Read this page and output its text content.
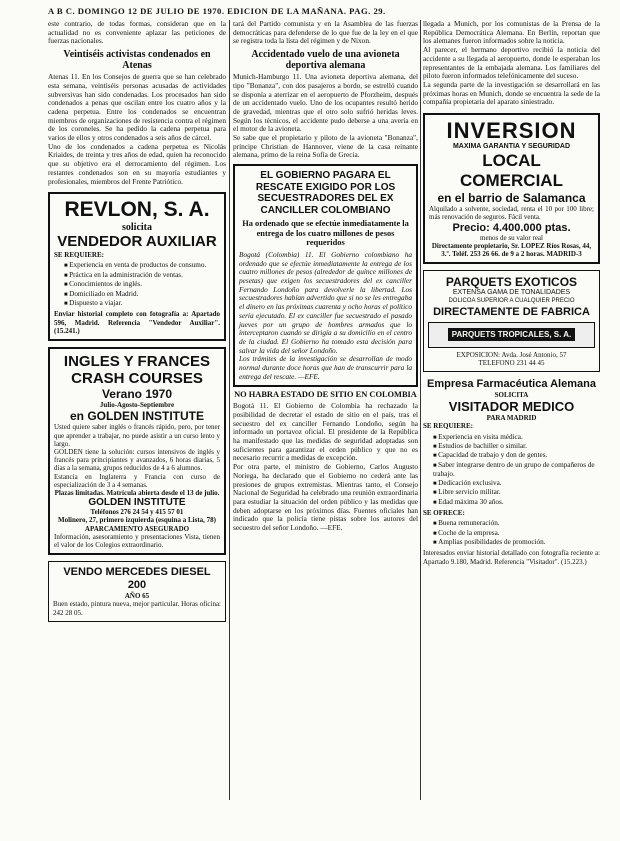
A B C. DOMINGO 12 DE JULIO DE 1970. EDICION DE LA MAÑANA. PAG. 29.

este contrario, de todas formas, consideran que en la actualidad no es conveniente aplazar las peticiones de fuerzas nacionales.

Veintiséis activistas condenados en Atenas

Atenas 11. En los Consejos de guerra que se han celebrado esta semana, veintiséis personas acusadas de actividades subversivas han sido condenadas. Los procesados han sido condenados a penas que oscilan entre los cuatro años y la cadena perpetua. Entre los condenados se encuentran miembros de organizaciones de resistencia contra el régimen de los coroneles. Se ha pedido la cadena perpetua para varios de ellos y otros condenados a seis años de cárcel.

Uno de los condenados a cadena perpetua es Nicolás Kriaides, de treinta y tres años de edad, quien ha reconocido que su objetivo era el derrocamiento del régimen. Los restantes condenados son en su mayoría estudiantes y profesionales, miembros del Frente Patriótico.

REVLON, S. A.
solicita
VENDEDOR AUXILIAR
SE REQUIERE:
■ Experiencia en venta de productos de consumo.
■ Práctica en la administración de ventas.
■ Conocimientos de inglés.
■ Domiciliado en Madrid.
■ Dispuesto a viajar.

Enviar historial completo con fotografía a: Apartado 596, Madrid. Referencia "Vendedor Auxiliar". (15.241.)

INGLES Y FRANCES
CRASH COURSES
Verano 1970
Julio-Agosto-Septiembre
en GOLDEN INSTITUTE

Usted quiere saber inglés o francés rápido, pero, por tener que aprender a trabajar, no puede asistir a un curso lento y largo.

GOLDEN tiene la solución: cursos intensivos de inglés y francés para principiantes y avanzados, 6 horas diarias, 5 días a la semana, grupos reducidos de 4 a 6 alumnos.

Estancia en Inglaterra y Francia con curso de especialización de 3 a 4 semanas.

Plazas limitadas. Matrícula abierta desde el 13 de julio.

GOLDEN INSTITUTE
Teléfonos 276 24 54 y 415 57 01
Molinero, 27, primero izquierda (esquina a Lista, 78)
APARCAMIENTO ASEGURADO

Información, asesoramiento y presentaciones Vista, tienen el valor de los Colegios extraordinario.

VENDO MERCEDES DIESEL 200
AÑO 65

Buen estado, pintura nueva, mejor particular. Horas oficina: 242 28 05.

tará del Partido comunista y en la Asamblea de las fuerzas democráticas para defenderse de lo que fue de la ley en el que se registra toda la lista del régimen y de Nixon.

Accidentado vuelo de una avioneta deportiva alemana

Munich-Hamburgo 11. Una avioneta deportiva alemana, del tipo "Bonanza", con dos pasajeros a bordo, se estrelló cuando se disponía a aterrizar en el aeropuerto de Pforzheim, después de un accidentado vuelo. Uno de los ocupantes resultó herido de gravedad, mientras que el otro solo sufrió heridas leves. Según los técnicos, el accidente pudo deberse a una avería en el motor de la avioneta.

Se sabe que el propietario y piloto de la avioneta "Bonanza", príncipe Christian de Hannover, viene de la casa reinante alemana, primo de la reina Sofía de Grecia.

EL GOBIERNO PAGARA EL RESCATE EXIGIDO POR LOS SECUESTRADORES DEL EX CANCILLER COLOMBIANO
Ha ordenado que se efectúe inmediatamente la entrega de los cuatro millones de pesos requeridos

Bogotá (Colombia) 11. El Gobierno colombiano ha ordenado que se efectúe inmediatamente la entrega de los cuatro millones de pesos (alrededor de quince millones de pesetas) que exigen los secuestradores del ex canciller Fernando Londoño para devolverle la libertad. Los secuestradores habían advertido que si no se les entregaba el dinero en las próximas cuarenta y ocho horas el político sería ejecutado. El ex canciller fue secuestrado el pasado jueves por un grupo de hombres armados que lo interceptaron cuando se dirigía a su domicilio en el centro de la ciudad. El Gobierno ha tomado esta decisión para salvar la vida del señor Londoño.

Los trámites de la investigación se desarrollan de modo normal durante doce horas que han de transcurrir para la entrega del rescate. —EFE.

NO HABRA ESTADO DE SITIO EN COLOMBIA

Bogotá 11. El Gobierno de Colombia ha rechazado la posibilidad de decretar el estado de sitio en el país, tras el secuestro del ex canciller Fernando Londoño, según ha informado un portavoz oficial. El presidente de la República ha manifestado que las medidas de seguridad adoptadas son suficientes para garantizar el orden público y que no es necesario recurrir a medidas de excepción.

Por otra parte, el ministro de Gobierno, Carlos Augusto Noriega, ha declarado que el Gobierno no cederá ante las presiones de grupos extremistas. Mientras tanto, el Consejo Nacional de Seguridad ha celebrado una reunión extraordinaria para estudiar la situación del orden público y las medidas que deben adoptarse en los próximos días. Fuentes oficiales han indicado que la policía tiene pistas sobre los autores del secuestro del señor Londoño. —EFE.

llegada a Munich, por los comunistas de la Prensa de la República Democrática Alemana. En Berlín, reportan que los alemanes fueron informados sobre la noticia.

Al parecer, el hermano deportivo recibió la noticia del accidente a su llegada al aeropuerto, donde le esperaban los representantes de la embajada alemana. Los familiares del piloto fueron informados telefónicamente del suceso.

La segunda parte de la investigación se desarrollará en las próximas horas en Munich, donde se encuentra la sede de la compañía propietaria del aparato siniestrado.

INVERSION
MAXIMA GARANTIA Y SEGURIDAD
LOCAL COMERCIAL
en el barrio de Salamanca

Alquilado a solvente, sociedad, renta el 10 por 100 libre; más renovación de seguros. Fácil venta.

Precio: 4.400.000 ptas.
menos de su valor real

Directamente propietario, Sr. LOPEZ Ríos Rosas, 44, 3.º. Teléf. 253 26 66. de 9 a 2 horas. MADRID-3

PARQUETS EXOTICOS
EXTENSA GAMA DE TONALIDADES
DOLICOA SUPERIOR A CUALQUIER PRECIO
DIRECTAMENTE DE FABRICA
PARQUETS TROPICALES, S. A.
EXPOSICION: Avda. José Antonio, 57
TELEFONO 231 44 45
Empresa Farmacéutica Alemana
SOLICITA
VISITADOR MEDICO
PARA MADRID
SE REQUIERE:
■ Experiencia en visita médica.
■ Estudios de bachiller o similar.
■ Capacidad de trabajo y don de gentes.
■ Saber integrarse dentro de un grupo de compañeros de trabajo.
■ Dedicación exclusiva.
■ Libre servicio militar.
■ Edad máxima 30 años.
SE OFRECE:
■ Buena remuneración.
■ Coche de la empresa.
■ Amplias posibilidades de promoción.

Interesados enviar historial detallado con fotografía reciente a: Apartado 9.180, Madrid. Referencia "Visitador". (15.223.)
